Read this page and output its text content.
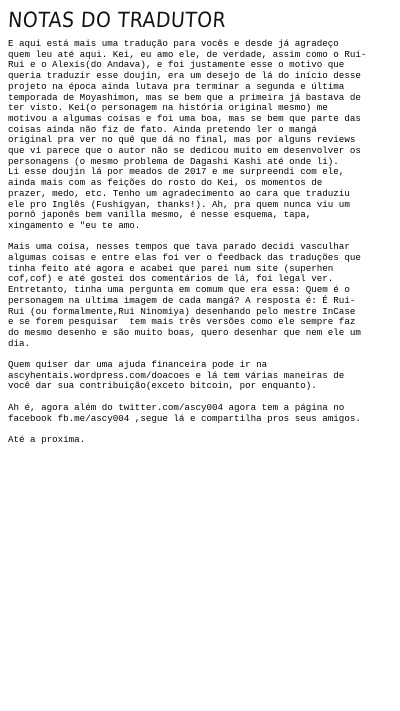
NOTAS DO TRADUTOR
E aqui está mais uma tradução para vocês e desde já agradeço
quem leu até aqui. Kei, eu amo ele, de verdade, assim como o Rui-
Rui e o Alexis(do Andava), e foi justamente esse o motivo que
queria traduzir esse doujin, era um desejo de lá do início desse
projeto na época ainda lutava pra terminar a segunda e última
temporada de Moyashimon, mas se bem que a primeira já bastava de
ter visto. Kei(o personagem na história original mesmo) me
motivou a algumas coisas e foi uma boa, mas se bem que parte das
coisas ainda não fiz de fato. Ainda pretendo ler o mangá
original pra ver no quê que dá no final, mas por alguns reviews
que vi parece que o autor não se dedicou muito em desenvolver os
personagens (o mesmo problema de Dagashi Kashi até onde li).
Li esse doujin lá por meados de 2017 e me surpreendi com ele,
ainda mais com as feições do rosto do Kei, os momentos de
prazer, medo, etc. Tenho um agradecimento ao cara que traduziu
ele pro Inglês (Fushigyan, thanks!). Ah, pra quem nunca viu um
pornô japonês bem vanilla mesmo, é nesse esquema, tapa,
xingamento e "eu te amo.
Mais uma coisa, nesses tempos que tava parado decidi vasculhar
algumas coisas e entre elas foi ver o feedback das traduções que
tinha feito até agora e acabei que parei num site (superhen
cof,cof) e até gostei dos comentários de lá, foi legal ver.
Entretanto, tinha uma pergunta em comum que era essa: Quem é o
personagem na ultima imagem de cada mangá? A resposta é: É Rui-
Rui (ou formalmente,Rui Ninomiya) desenhando pelo mestre InCase
e se forem pesquisar  tem mais três versões como ele sempre faz
do mesmo desenho e são muito boas, quero desenhar que nem ele um
dia.
Quem quiser dar uma ajuda financeira pode ir na
ascyhentais.wordpress.com/doacoes e lá tem várias maneiras de
você dar sua contribuição(exceto bitcoin, por enquanto).
Ah é, agora além do twitter.com/ascy004 agora tem a página no
facebook fb.me/ascy004 ,segue lá e compartilha pros seus amigos.
Até a proxima.
